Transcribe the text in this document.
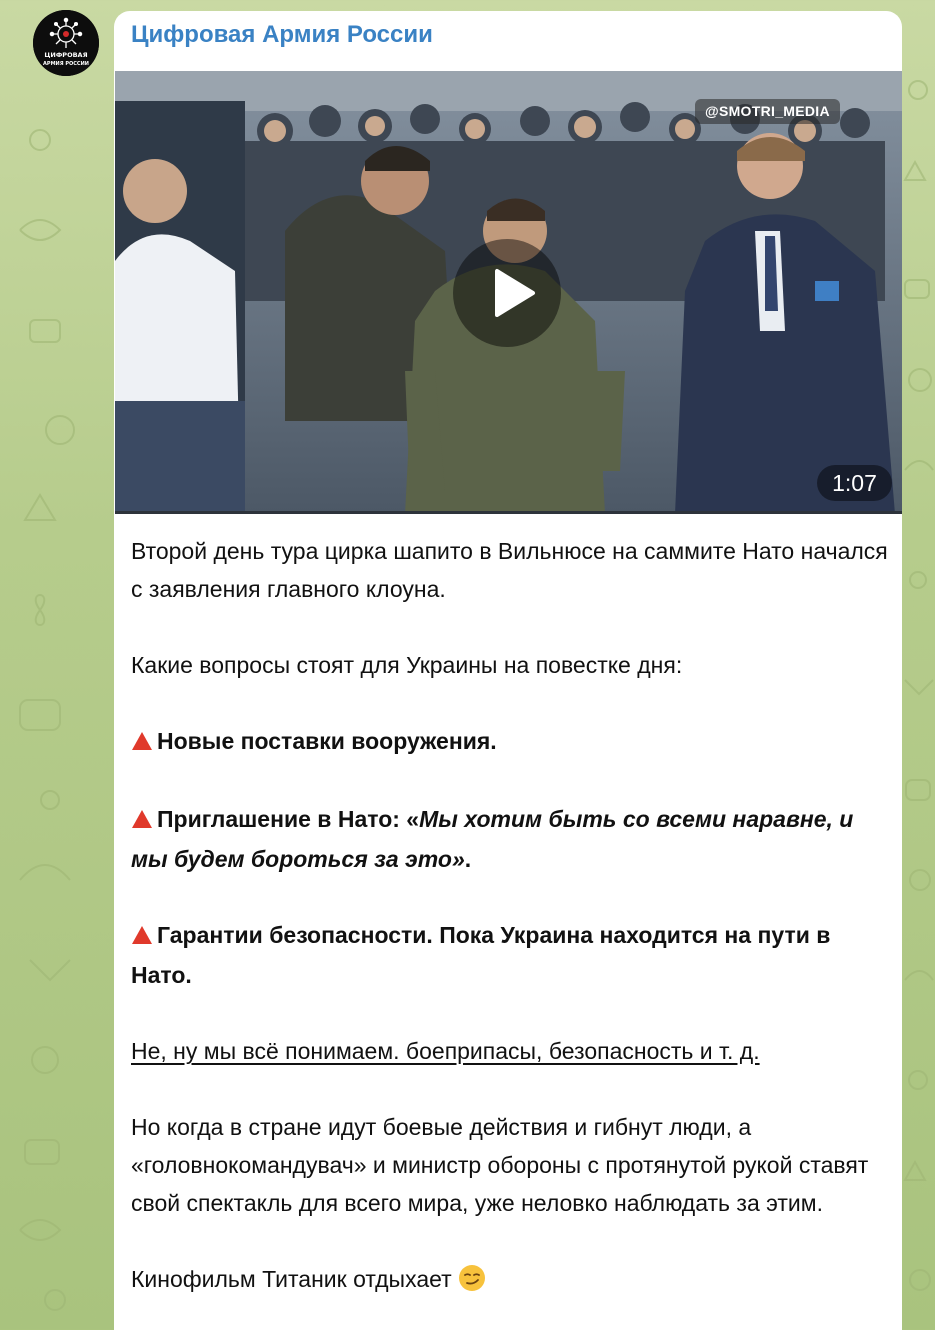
ЦИФРОВАЯ
АРМИЯ РОССИИ
Цифровая Армия России
@SMOTRI_MEDIA
1:07

Второй день тура цирка шапито в Вильнюсе на саммите Нато начался с заявления главного клоуна.

Какие вопросы стоят для Украины на повестке дня:

Новые поставки вооружения.

Приглашение в Нато: «Мы хотим быть со всеми наравне, и мы будем бороться за это».

Гарантии безопасности. Пока Украина находится на пути в Нато.

Не, ну мы всё понимаем. боеприпасы, безопасность и т. д.

Но когда в стране идут боевые действия и гибнут люди, а «головнокомандувач» и министр обороны с протянутой рукой ставят свой спектакль для всего мира, уже неловко наблюдать за этим.

Кинофильм Титаник отдыхает
